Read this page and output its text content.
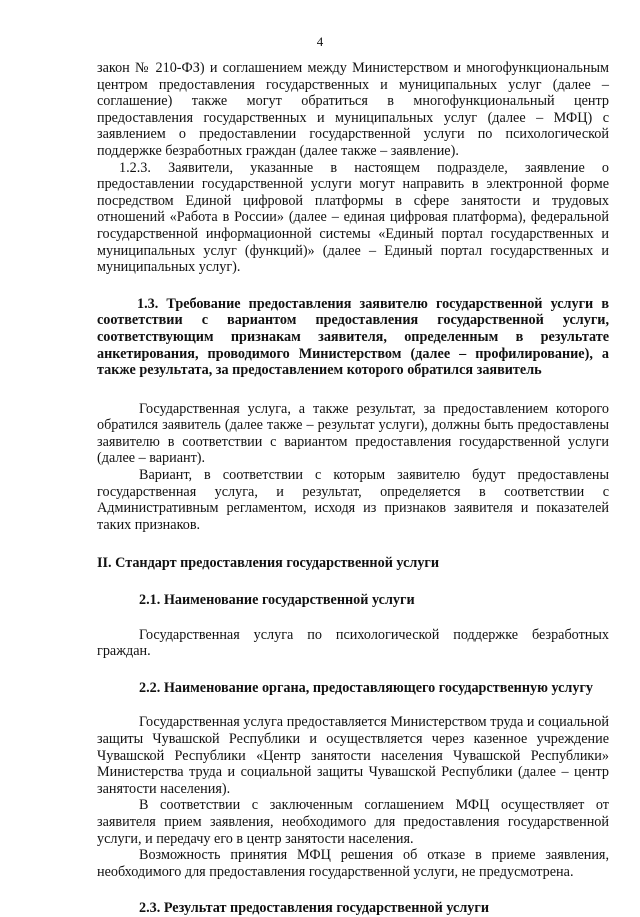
4

закон № 210-ФЗ) и соглашением между Министерством и многофункциональным центром предоставления государственных и муниципальных услуг (далее – соглашение) также могут обратиться в многофункциональный центр предоставления государственных и муниципальных услуг (далее – МФЦ) с заявлением о предоставлении государственной услуги по психологической поддержке безработных граждан (далее также – заявление).

1.2.3. Заявители, указанные в настоящем подразделе, заявление о предоставлении государственной услуги могут направить в электронной форме посредством Единой цифровой платформы в сфере занятости и трудовых отношений «Работа в России» (далее – единая цифровая платформа), федеральной государственной информационной системы «Единый портал государственных и муниципальных услуг (функций)» (далее – Единый портал государственных и муниципальных услуг).

1.3. Требование предоставления заявителю государственной услуги в соответствии с вариантом предоставления государственной услуги, соответствующим признакам заявителя, определенным в результате анкетирования, проводимого Министерством (далее – профилирование), а также результата, за предоставлением которого обратился заявитель

Государственная услуга, а также результат, за предоставлением которого обратился заявитель (далее также – результат услуги), должны быть предоставлены заявителю в соответствии с вариантом предоставления государственной услуги (далее – вариант).

Вариант, в соответствии с которым заявителю будут предоставлены государственная услуга, и результат, определяется в соответствии с Административным регламентом, исходя из признаков заявителя и показателей таких признаков.

II. Стандарт предоставления государственной услуги

2.1. Наименование государственной услуги

Государственная услуга по психологической поддержке безработных граждан.

2.2. Наименование органа, предоставляющего государственную услугу

Государственная услуга предоставляется Министерством труда и социальной защиты Чувашской Республики и осуществляется через казенное учреждение Чувашской Республики «Центр занятости населения Чувашской Республики» Министерства труда и социальной защиты Чувашской Республики (далее – центр занятости населения).

В соответствии с заключенным соглашением МФЦ осуществляет от заявителя прием заявления, необходимого для предоставления государственной услуги, и передачу его в центр занятости населения.

Возможность принятия МФЦ решения об отказе в приеме заявления, необходимого для предоставления государственной услуги, не предусмотрена.

2.3. Результат предоставления государственной услуги
